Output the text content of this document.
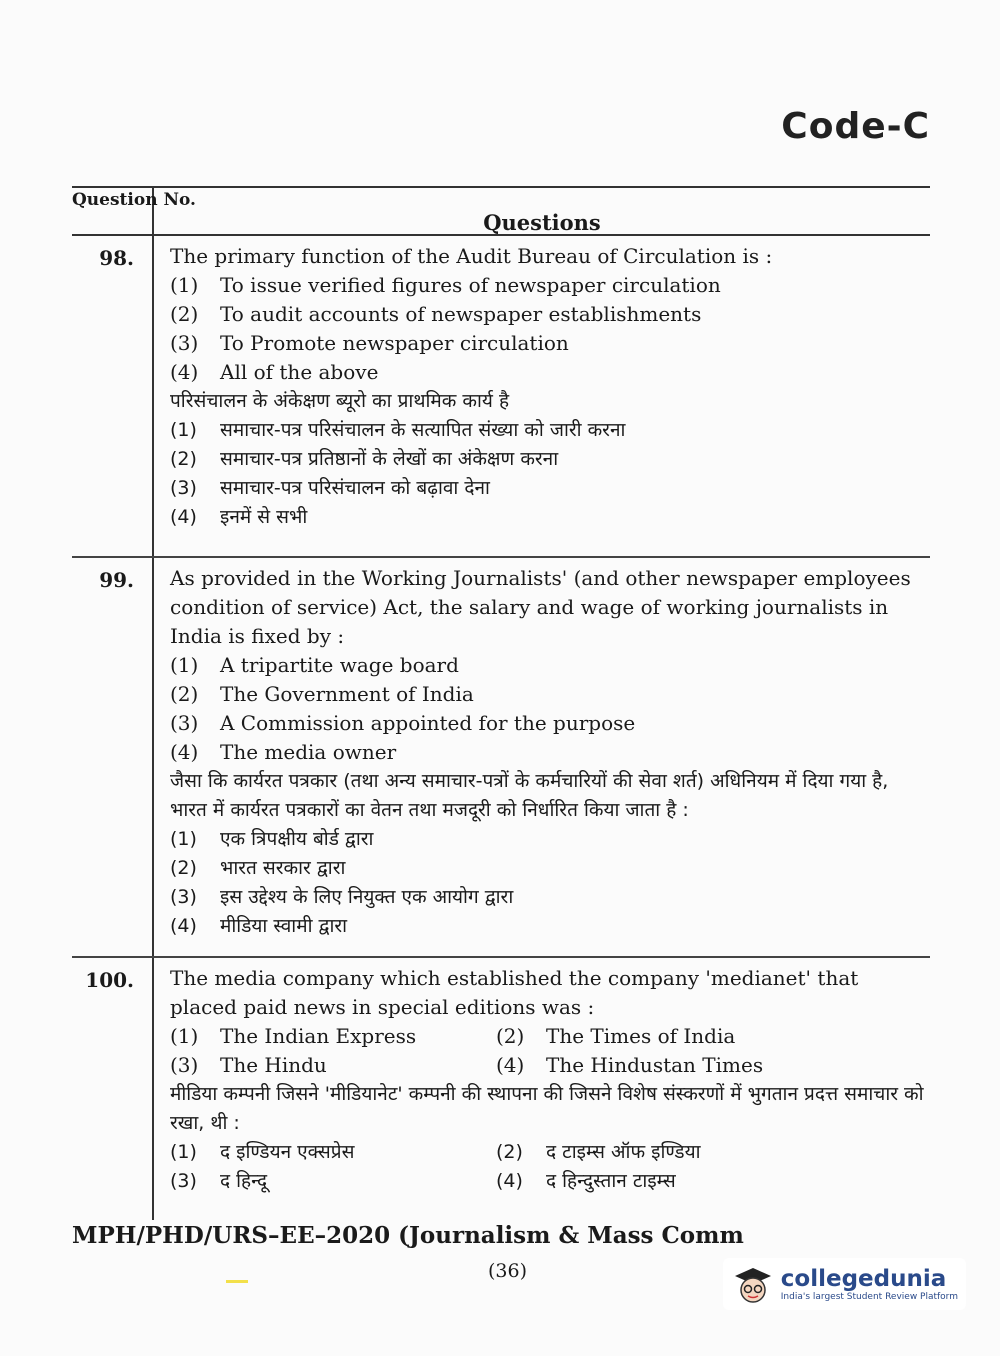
Code-C
Question No.
Questions
98.	The primary function of the Audit Bureau of Circulation is :

(1)	To issue verified figures of newspaper circulation
(2)	To audit accounts of newspaper establishments
(3)	To Promote newspaper circulation
(4)	All of the above

परिसंचालन के अंकेक्षण ब्यूरो का प्राथमिक कार्य है

(1)	समाचार-पत्र परिसंचालन के सत्यापित संख्या को जारी करना
(2)	समाचार-पत्र प्रतिष्ठानों के लेखों का अंकेक्षण करना
(3)	समाचार-पत्र परिसंचालन को बढ़ावा देना
(4)	इनमें से सभी
99.	As provided in the Working Journalists' (and other newspaper employees condition of service) Act, the salary and wage of working journalists in India is fixed by :

(1)	A tripartite wage board
(2)	The Government of India
(3)	A Commission appointed for the purpose
(4)	The media owner

जैसा कि कार्यरत पत्रकार (तथा अन्य समाचार-पत्रों के कर्मचारियों की सेवा शर्त) अधिनियम में दिया गया है, भारत में कार्यरत पत्रकारों का वेतन तथा मजदूरी को निर्धारित किया जाता है :

(1)	एक त्रिपक्षीय बोर्ड द्वारा
(2)	भारत सरकार द्वारा
(3)	इस उद्देश्य के लिए नियुक्त एक आयोग द्वारा
(4)	मीडिया स्वामी द्वारा
100.	The media company which established the company 'medianet' that placed paid news in special editions was :

(1)	The Indian Express	(2)	The Times of India
(3)	The Hindu	(4)	The Hindustan Times

मीडिया कम्पनी जिसने 'मीडियानेट' कम्पनी की स्थापना की जिसने विशेष संस्करणों में भुगतान प्रदत्त समाचार को रखा, थी :

(1)	द इण्डियन एक्सप्रेस	(2)	द टाइम्स ऑफ इण्डिया
(3)	द हिन्दू	(4)	द हिन्दुस्तान टाइम्स
MPH/PHD/URS–EE–2020 (Journalism & Mass Comm
(36)	collegedunia
India's largest Student Review Platform
